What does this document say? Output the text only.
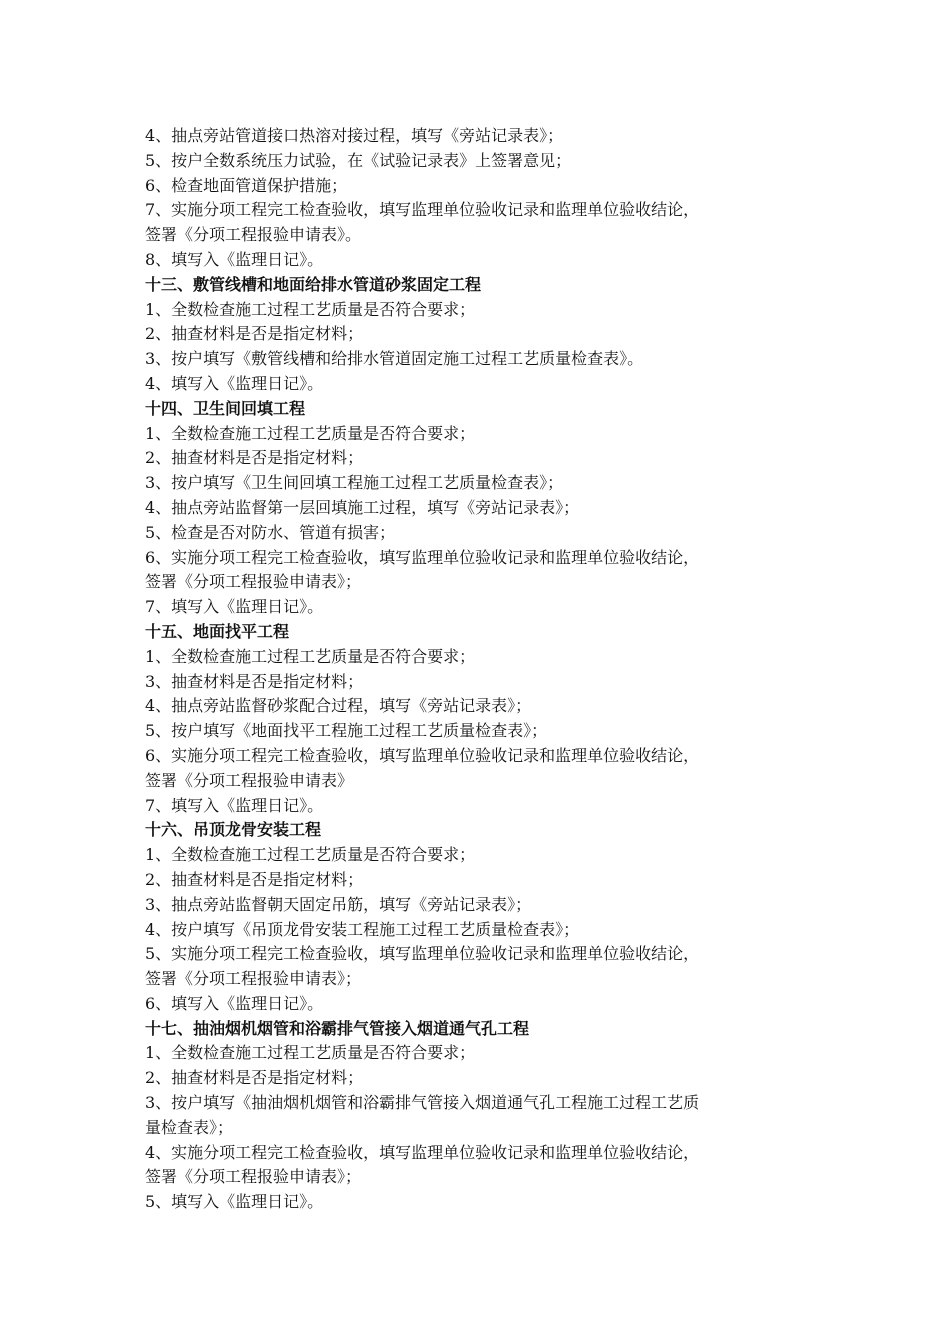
4、抽点旁站管道接口热溶对接过程，填写《旁站记录表》；
5、按户全数系统压力试验，在《试验记录表》上签署意见；
6、检查地面管道保护措施；
7、实施分项工程完工检查验收，填写监理单位验收记录和监理单位验收结论，
签署《分项工程报验申请表》。
8、填写入《监理日记》。
十三、敷管线槽和地面给排水管道砂浆固定工程
1、全数检查施工过程工艺质量是否符合要求；
2、抽查材料是否是指定材料；
3、按户填写《敷管线槽和给排水管道固定施工过程工艺质量检查表》。
4、填写入《监理日记》。
十四、卫生间回填工程
1、全数检查施工过程工艺质量是否符合要求；
2、抽查材料是否是指定材料；
3、按户填写《卫生间回填工程施工过程工艺质量检查表》；
4、抽点旁站监督第一层回填施工过程，填写《旁站记录表》；
5、检查是否对防水、管道有损害；
6、实施分项工程完工检查验收，填写监理单位验收记录和监理单位验收结论，
签署《分项工程报验申请表》；
7、填写入《监理日记》。
十五、地面找平工程
1、全数检查施工过程工艺质量是否符合要求；
3、抽查材料是否是指定材料；
4、抽点旁站监督砂浆配合过程，填写《旁站记录表》；
5、按户填写《地面找平工程施工过程工艺质量检查表》；
6、实施分项工程完工检查验收，填写监理单位验收记录和监理单位验收结论，
签署《分项工程报验申请表》
7、填写入《监理日记》。
十六、吊顶龙骨安装工程
1、全数检查施工过程工艺质量是否符合要求；
2、抽查材料是否是指定材料；
3、抽点旁站监督朝天固定吊筋，填写《旁站记录表》；
4、按户填写《吊顶龙骨安装工程施工过程工艺质量检查表》；
5、实施分项工程完工检查验收，填写监理单位验收记录和监理单位验收结论，
签署《分项工程报验申请表》；
6、填写入《监理日记》。
十七、抽油烟机烟管和浴霸排气管接入烟道通气孔工程
1、全数检查施工过程工艺质量是否符合要求；
2、抽查材料是否是指定材料；
3、按户填写《抽油烟机烟管和浴霸排气管接入烟道通气孔工程施工过程工艺质
量检查表》；
4、实施分项工程完工检查验收，填写监理单位验收记录和监理单位验收结论，
签署《分项工程报验申请表》；
5、填写入《监理日记》。
